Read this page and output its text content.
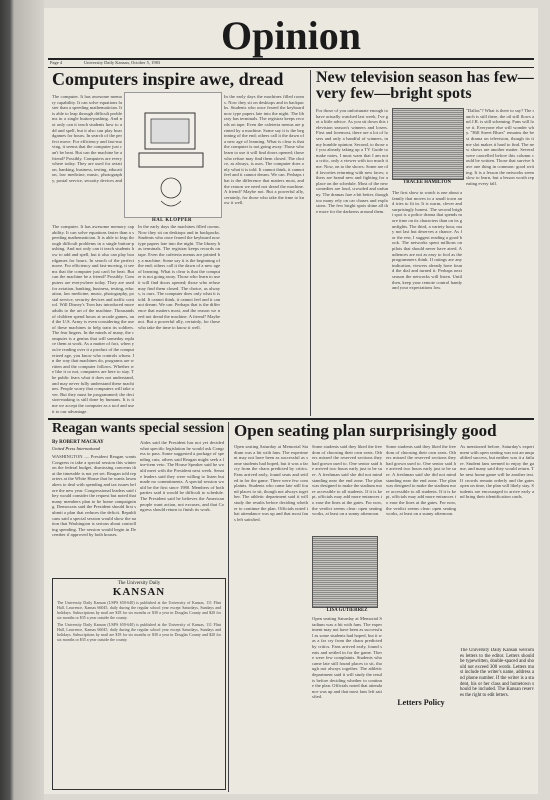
Opinion
Page 4	University Daily Kansan, October 5, 1983
Computers inspire awe, dread
The computer. It has awesome memory capability. It can solve equations faster than a speeding mathematician. It is able to leap through difficult problems in a single button-pushing. And not only can it teach students how to add and spell, but it also can play boardgames for hours. In search of the perfect move. For efficiency and fast-moving, it seems that the computer just can't be beat. But can the machine be a friend? Possibly. Computers are everywhere today. They are used for aviation, banking, business, testing, education, law medicine, music, photography, postal service, security devices and
HAL KLOPPER
The computer. It has awesome memory capability. It can solve equations faster than a speeding mathematician. It is able to leap through difficult problems in a single button-pushing. And not only can it teach students how to add and spell, but it also can play boardgames for hours. In search of the perfect move. For efficiency and fast-moving, it seems that the computer just can't be beat. But can the machine be a friend? Possibly. Computers are everywhere today. They are used for aviation, banking, business, testing, education, law medicine, music, photography, postal service, security devices and traffic control. Will Disney's Tron has introduced more adults to the art of the machine. Thousands of children spend hours at arcade games, and the U.S. Army is even considering the use of these machines to help train its soldiers. The fear lingers. In the minds of many, the computer is a genius that will someday replace them at work. As a matter of fact, when you're reading over it a product of the computerized age, you know who controls whom. In the way that machines do, programs are written and the computer follows. Whether we like it or not, computers are here to stay. The public fears what it does not understand, and may never fully understand these machines. People worry that computers will take over. But they must be programmed; the decision-making is still done by humans. It is time we accept the computer as a tool and use it to our advantage.
In the early days the machines filled rooms. Now they sit on desktops and in backpacks. Students who once feared the keyboard now type papers late into the night. The library has terminals. The registrar keeps records on tape. Even the cafeteria menus are printed by a machine. Some say it is the beginning of the end; others call it the dawn of a new age of learning. What is clear is that the computer is not going away. Those who learn to use it will find doors opened; those who refuse may find them closed. The choice, as always, is ours. The computer does only what it is told. It cannot think, it cannot feel and it cannot dream. We can. Perhaps that is the difference that matters most, and the reason we need not dread the machine. A friend? Maybe not. But a powerful ally, certainly, for those who take the time to know it well.
In the early days the machines filled rooms. Now they sit on desktops and in backpacks. Students who once feared the keyboard now type papers late into the night. The library has terminals. The registrar keeps records on tape. Even the cafeteria menus are printed by a machine. Some say it is the beginning of the end; others call it the dawn of a new age of learning. What is clear is that the computer is not going away. Those who learn to use it will find doors opened; those who refuse may find them closed. The choice, as always, is ours. The computer does only what it is told. It cannot think, it cannot feel and it cannot dream. We can. Perhaps that is the difference that matters most, and the reason we need not dread the machine. A friend? Maybe not. But a powerful ally, certainly, for those who take the time to know it well.
New television season has few—very few—bright spots
For those of you unfortunate enough to have actually watched last week, I've got a little advice. As you sit down this television season's winners and losers. First and foremost, there are a lot of losers and only a handful of winners, in my humble opinion. Second, to those of you already taking up a TV Guide to make notes, I must warn that I am not a critic, only a viewer with too much time. Now, on to the shows. Some are old favorites returning with new faces; others are brand new and fighting for a place on the schedule. Most of the new comedies are loud, crowded and unfunny. The dramas fare a bit better, though too many rely on car chases and explosions. The few bright spots shine all the more for the darkness around them.
TRACEE HAMILTON
The first show to watch is one about a family that moves to a small town and tries to fit in. It is warm, clever and surprisingly honest. The second bright spot is a police drama that spends more time on its characters than on its gunfights. The third, a variety hour, may not last but deserves a chance. As for the rest, I suggest reading a good book. The networks spent millions on pilots that should never have aired. Audiences are not as easy to fool as the programmers think. If ratings are any indication, viewers already have found the dial and turned it. Perhaps next season the networks will listen. Until then, keep your remote control handy and your expectations low.
"Dallas"? What is there to say? The ranch is still there, the oil still flows and J.R. is still scheming. Fans will love it. Everyone else will wonder why. "Hill Street Blues" remains the best drama on television, though its time slot makes it hard to find. The new shows are another matter. Several were cancelled before this column could be written. Those that survive have one thing in common: good writing. It is a lesson the networks seem slow to learn, but a lesson worth repeating every fall.
Reagan wants special session
By ROBERT MACKAY
United Press International
WASHINGTON — President Reagan wants Congress to take a special session this winter on the federal budget, dismissing concerns that the timetable is not yet set. Reagan told reporters at the White House that he wants lawmakers to deal with spending and tax issues before the new year. Congressional leaders said they would consider the request but noted that many members plan to be home campaigning. Democrats said the President should first submit a plan that reduces the deficit. Republicans said a special session would show the nation that Washington is serious about controlling spending. The session would begin in December if approved by both houses.
Aides said the President has not yet decided what specific legislation he would ask Congress to pass. Some suggested a package of spending cuts; others said Reagan might seek a line-item veto. The House Speaker said he would meet with the President next week. Senate leaders said they were willing to listen but made no commitments. A special session would be the first since 1980. Members of both parties said it would be difficult to schedule. The President said he believes the American people want action, not excuses, and that Congress should return to finish its work.
The University Daily
KANSAN
The University Daily Kansan (USPS 650-640) is published at the University of Kansas, 111 Flint Hall, Lawrence, Kansas 66045, daily during the regular school year except Saturdays, Sundays and holidays. Subscriptions by mail are $18 for six months or $30 a year in Douglas County and $20 for six months or $35 a year outside the county.
The University Daily Kansan (USPS 650-640) is published at the University of Kansas, 111 Flint Hall, Lawrence, Kansas 66045, daily during the regular school year except Saturdays, Sundays and holidays. Subscriptions by mail are $18 for six months or $30 a year in Douglas County and $20 for six months or $35 a year outside the county.
Open seating plan surprisingly good
Open seating Saturday at Memorial Stadium was a hit with fans. The experiment may not have been as successful as some students had hoped, but it was a far cry from the chaos predicted by critics. Fans arrived early, found seats and settled in for the game. There were few complaints. Students who came late still found places to sit, though not always together. The athletic department said it will study the results before deciding whether to continue the plan. Officials noted that attendance was up and that most fans left satisfied.
Some students said they liked the freedom of choosing their own seats. Others missed the reserved sections they had grown used to. One senior said he arrived two hours early just to be sure. A freshman said she did not mind standing near the end zone. The plan was designed to make the stadium more accessible to all students. If it is kept, officials may add more entrances to ease the lines at the gates. For now, the verdict seems clear: open seating works, at least on a sunny afternoon.
LISA GUTIERREZ
Open seating Saturday at Memorial Stadium was a hit with fans. The experiment may not have been as successful as some students had hoped, but it was a far cry from the chaos predicted by critics. Fans arrived early, found seats and settled in for the game. There were few complaints. Students who came late still found places to sit, though not always together. The athletic department said it will study the results before deciding whether to continue the plan. Officials noted that attendance was up and that most fans left satisfied.
Some students said they liked the freedom of choosing their own seats. Others missed the reserved sections they had grown used to. One senior said he arrived two hours early just to be sure. A freshman said she did not mind standing near the end zone. The plan was designed to make the stadium more accessible to all students. If it is kept, officials may add more entrances to ease the lines at the gates. For now, the verdict seems clear: open seating works, at least on a sunny afternoon.
As mentioned before, Saturday's experiment with open seating was not an unqualified success, but neither was it a failure. Student fans seemed to enjoy the game, and many said they would return. The next home game will be another test. If crowds remain orderly and the gates open on time, the plan will likely stay. Students are encouraged to arrive early and bring their identification cards.
Letters Policy
The University Daily Kansan welcomes letters to the editor. Letters should be typewritten, double-spaced and should not exceed 300 words. Letters must include the writer's name, address and phone number. If the writer is a student, his or her class and hometown should be included. The Kansan reserves the right to edit letters.
